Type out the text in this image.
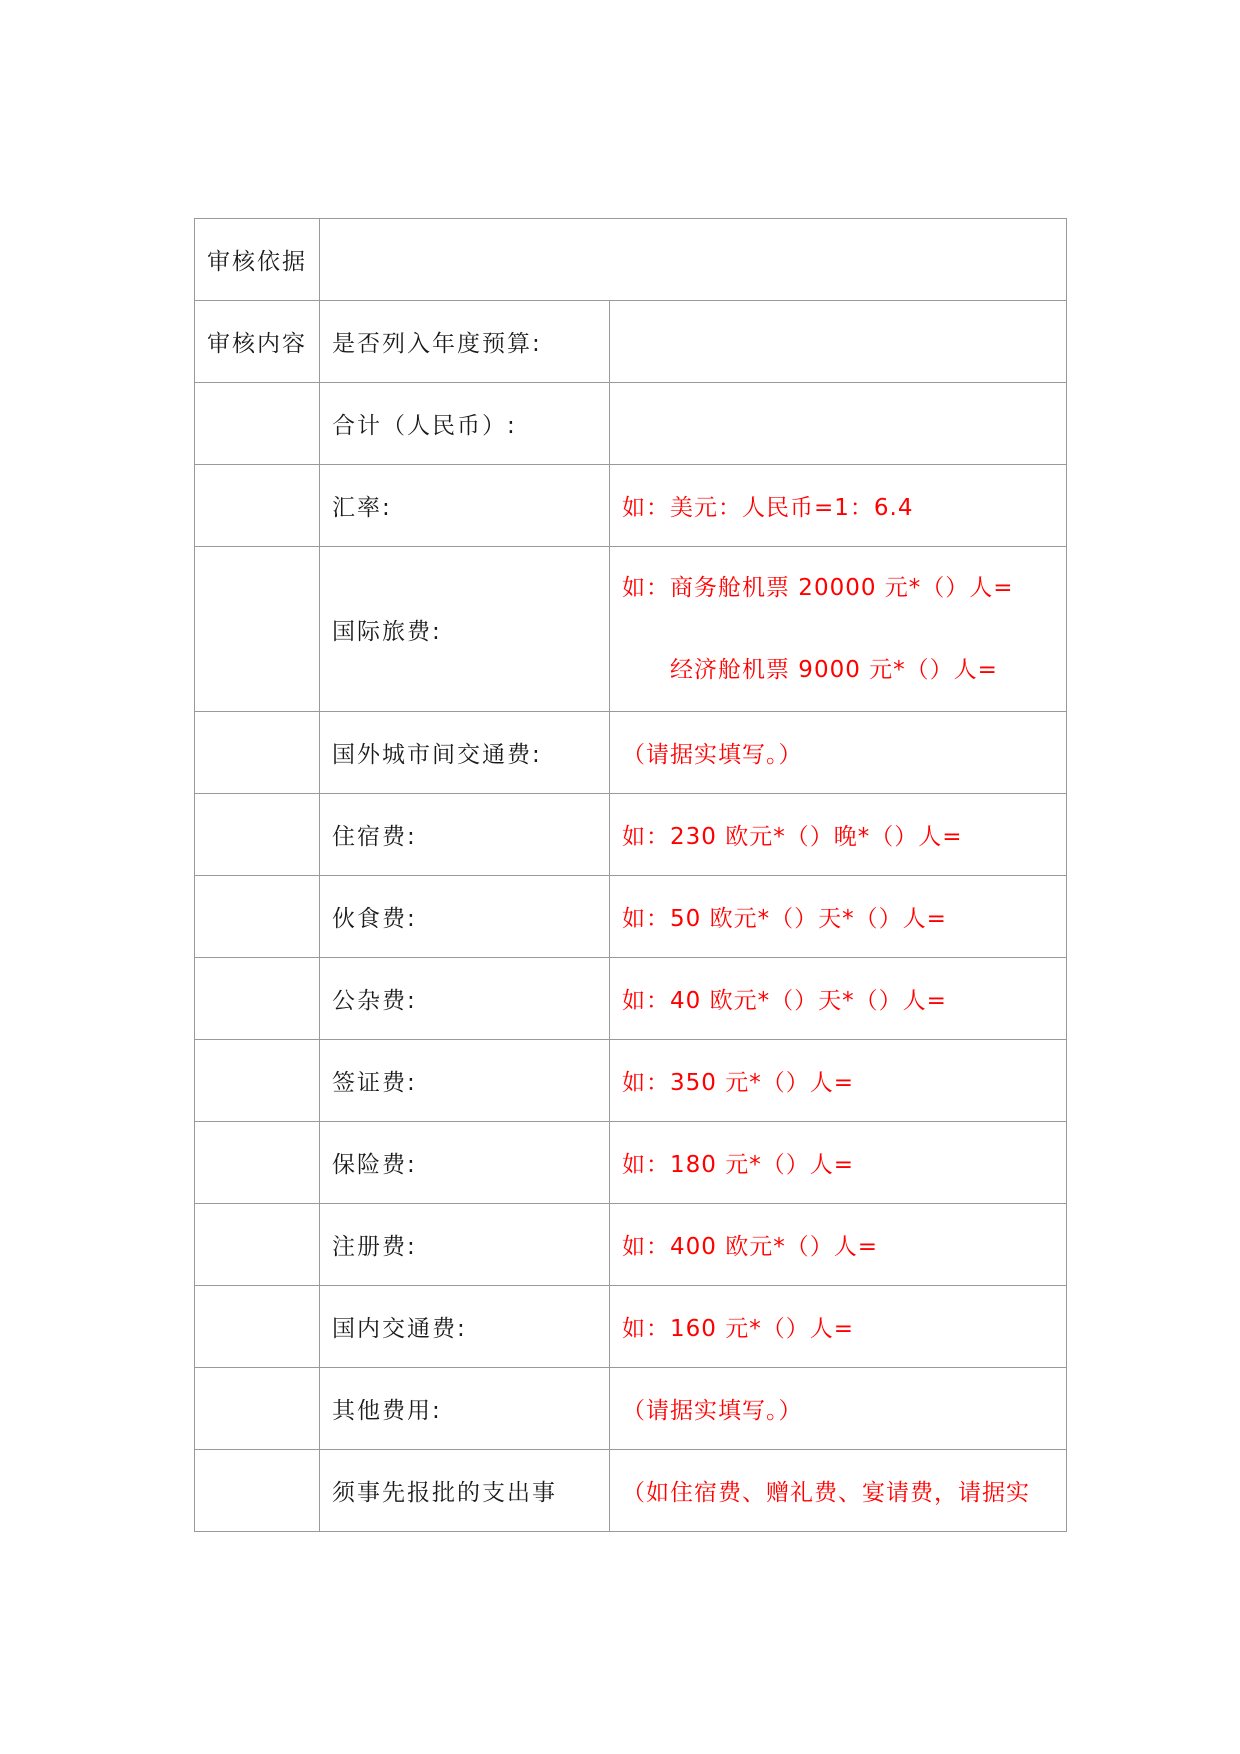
审核依据		
审核内容	是否列入年度预算:	
	合计（人民币）:	
	汇率:	如：美元：人民币=1：6.4
	国际旅费:	如：商务舱机票 20000 元*（）人=
经济舱机票 9000 元*（）人=

	国外城市间交通费:	（请据实填写。）
	住宿费:	如：230 欧元*（）晚*（）人=
	伙食费:	如：50 欧元*（）天*（）人=
	公杂费:	如：40 欧元*（）天*（）人=
	签证费:	如：350 元*（）人=
	保险费:	如：180 元*（）人=
	注册费:	如：400 欧元*（）人=
	国内交通费:	如：160 元*（）人=
	其他费用:	（请据实填写。）
	须事先报批的支出事	（如住宿费、赠礼费、宴请费，请据实
